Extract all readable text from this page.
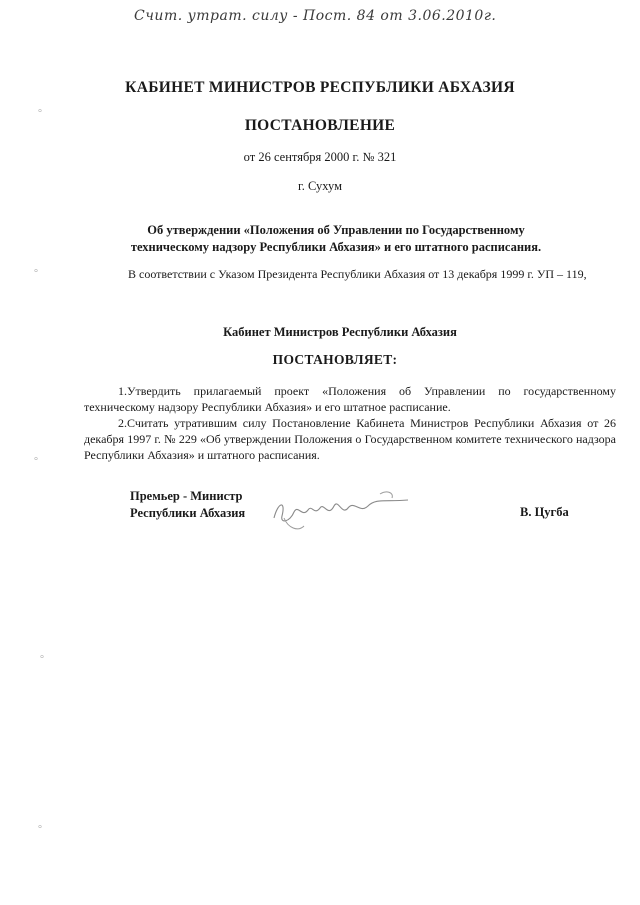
Счит. утрат. силу - Пост. 84 от 3.06.2010г.
КАБИНЕТ МИНИСТРОВ РЕСПУБЛИКИ АБХАЗИЯ
ПОСТАНОВЛЕНИЕ
от 26 сентября 2000 г. № 321
г. Сухум
Об утверждении «Положения об Управлении по Государственному техническому надзору Республики Абхазия» и его штатного расписания.
В соответствии с Указом Президента Республики Абхазия от 13 декабря 1999 г. УП – 119,
Кабинет Министров Республики Абхазия
ПОСТАНОВЛЯЕТ:
1.Утвердить прилагаемый проект «Положения об Управлении по государственному техническому надзору Республики Абхазия» и его штатное расписание.
2.Считать утратившим силу Постановление Кабинета Министров Республики Абхазия от 26 декабря 1997 г. № 229 «Об утверждении Положения о Государственном комитете технического надзора Республики Абхазия» и штатного расписания.
Премьер - Министр
Республики Абхазия	В. Цугба
°
°
°
°
°
